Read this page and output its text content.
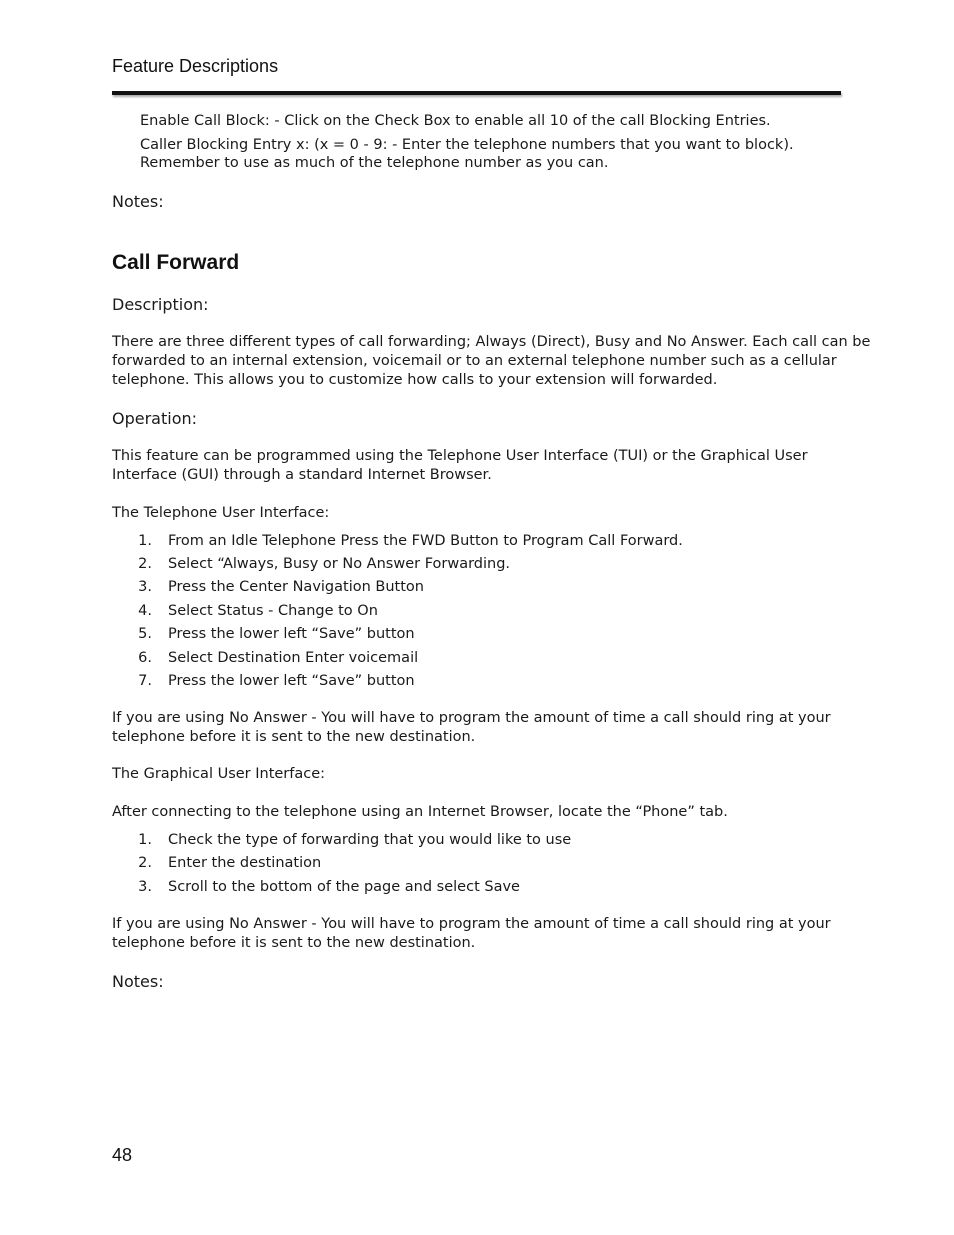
Feature Descriptions
Enable Call Block: - Click on the Check Box to enable all 10 of the call Blocking Entries.
Caller Blocking Entry x: (x = 0 - 9: - Enter the telephone numbers that you want to block).
Remember to use as much of the telephone number as you can.
Notes:
Call Forward
Description:
There are three different types of call forwarding; Always (Direct), Busy and No Answer. Each call can be
forwarded to an internal extension, voicemail or to an external telephone number such as a cellular
telephone. This allows you to customize how calls to your extension will forwarded.
Operation:
This feature can be programmed using the Telephone User Interface (TUI) or the Graphical User
Interface (GUI) through a standard Internet Browser.
The Telephone User Interface:
1. From an Idle Telephone Press the FWD Button to Program Call Forward.
2. Select “Always, Busy or No Answer Forwarding.
3. Press the Center Navigation Button
4. Select Status - Change to On
5. Press the lower left “Save” button
6. Select Destination Enter voicemail
7. Press the lower left “Save” button
If you are using No Answer - You will have to program the amount of time a call should ring at your
telephone before it is sent to the new destination.
The Graphical User Interface:
After connecting to the telephone using an Internet Browser, locate the “Phone” tab.
1. Check the type of forwarding that you would like to use
2. Enter the destination
3. Scroll to the bottom of the page and select Save
If you are using No Answer - You will have to program the amount of time a call should ring at your
telephone before it is sent to the new destination.
Notes:
48
